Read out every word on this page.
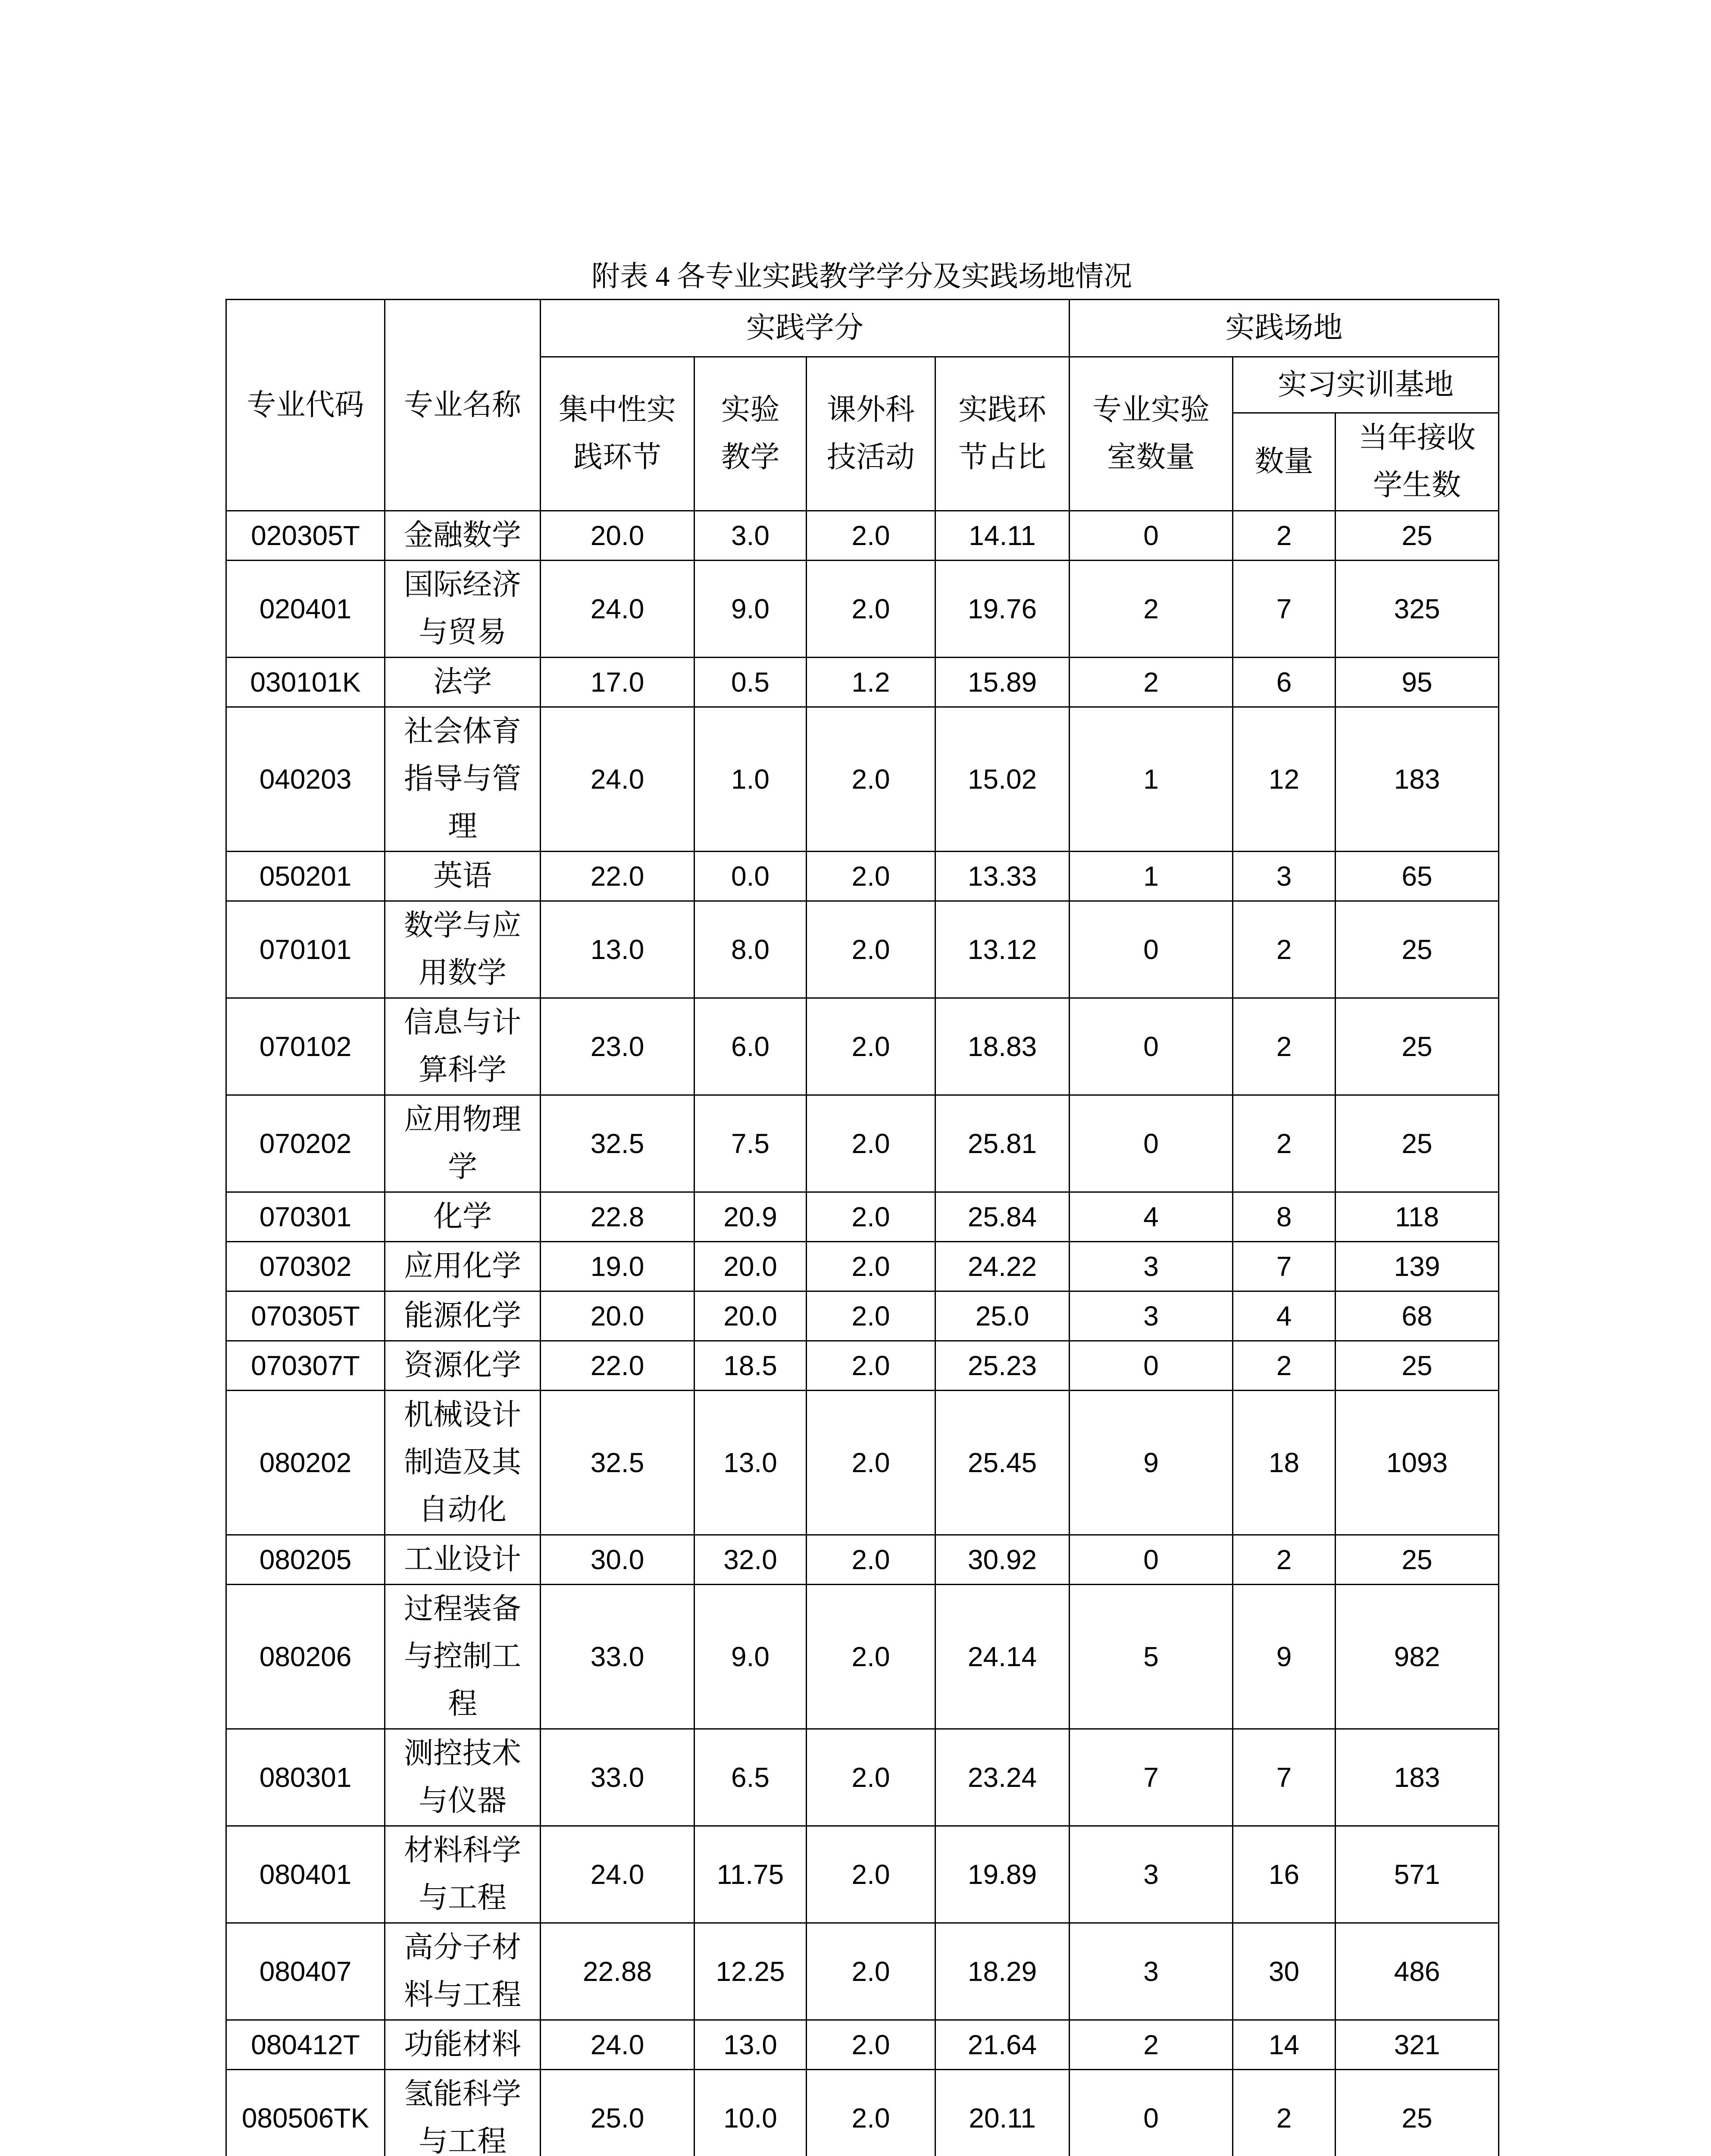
附表 4 各专业实践教学学分及实践场地情况
专业代码	专业名称	实践学分				实践场地		
		集中性实践环节	实验教学	课外科技活动	实践环节占比	专业实验室数量	实习实训基地	
							数量	当年接收学生数
020305T	金融数学	20.0	3.0	2.0	14.11	0	2	25
020401	国际经济与贸易	24.0	9.0	2.0	19.76	2	7	325
030101K	法学	17.0	0.5	1.2	15.89	2	6	95
040203	社会体育指导与管理	24.0	1.0	2.0	15.02	1	12	183
050201	英语	22.0	0.0	2.0	13.33	1	3	65
070101	数学与应用数学	13.0	8.0	2.0	13.12	0	2	25
070102	信息与计算科学	23.0	6.0	2.0	18.83	0	2	25
070202	应用物理学	32.5	7.5	2.0	25.81	0	2	25
070301	化学	22.8	20.9	2.0	25.84	4	8	118
070302	应用化学	19.0	20.0	2.0	24.22	3	7	139
070305T	能源化学	20.0	20.0	2.0	25.0	3	4	68
070307T	资源化学	22.0	18.5	2.0	25.23	0	2	25
080202	机械设计制造及其自动化	32.5	13.0	2.0	25.45	9	18	1093
080205	工业设计	30.0	32.0	2.0	30.92	0	2	25
080206	过程装备与控制工程	33.0	9.0	2.0	24.14	5	9	982
080301	测控技术与仪器	33.0	6.5	2.0	23.24	7	7	183
080401	材料科学与工程	24.0	11.75	2.0	19.89	3	16	571
080407	高分子材料与工程	22.88	12.25	2.0	18.29	3	30	486
080412T	功能材料	24.0	13.0	2.0	21.64	2	14	321
080506TK	氢能科学与工程	25.0	10.0	2.0	20.11	0	2	25
